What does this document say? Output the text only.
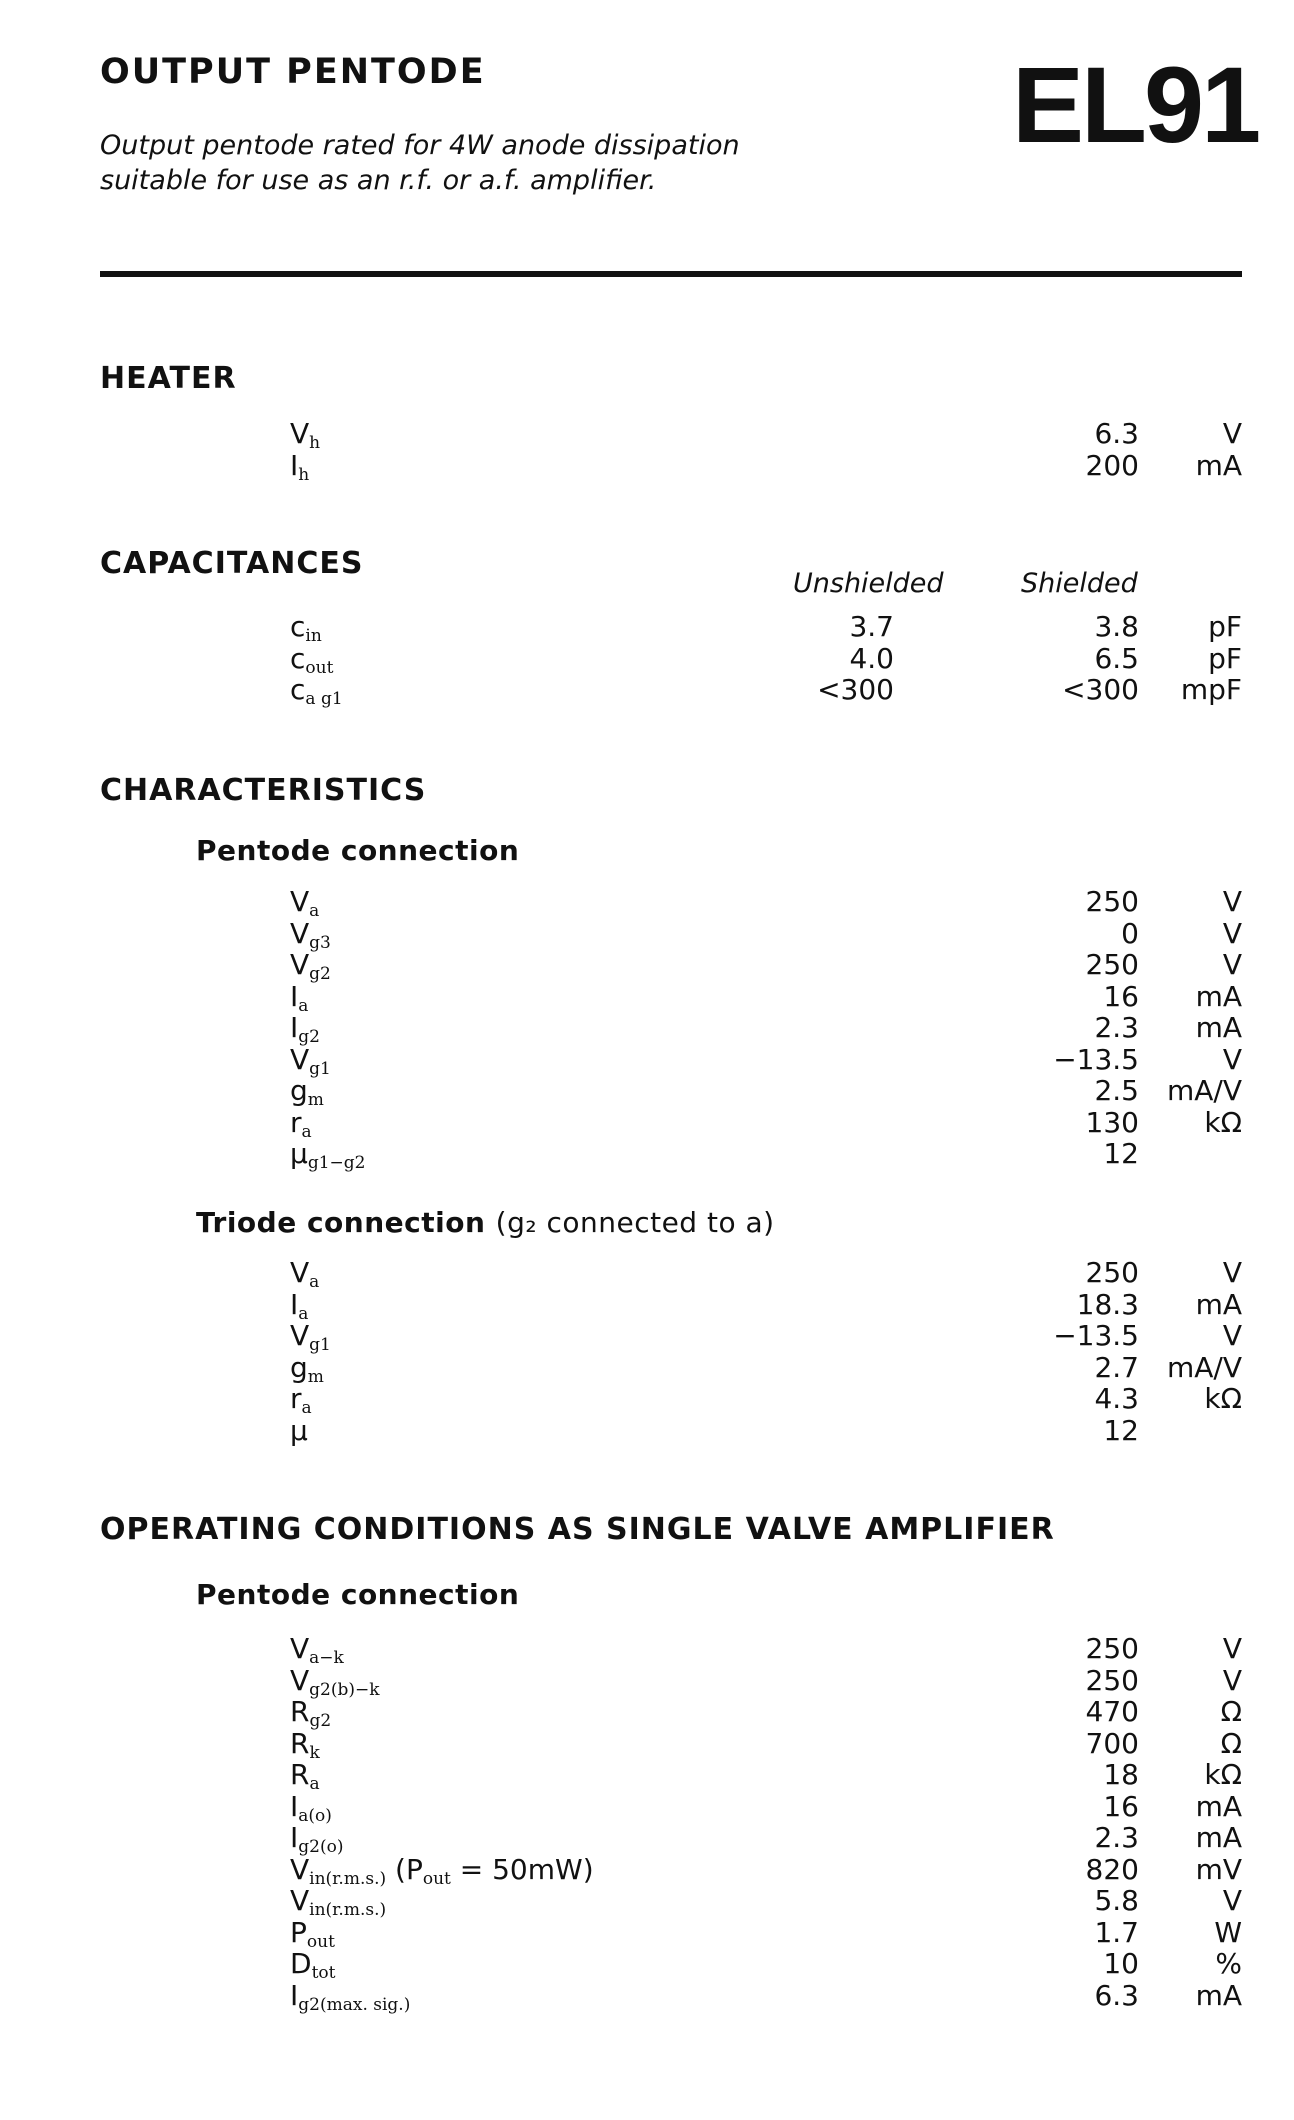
OUTPUT PENTODE
Output pentode rated for 4W anode dissipation
suitable for use as an r.f. or a.f. amplifier.
EL91
HEATER
$V_h$	6.3	V
$I_h$	200 mA
CAPACITANCES
Unshielded	Shielded
$c_{in}$	3.7	3.8 pF
$c_{out}$	4.0	6.5 pF
$c_{a g1}$	<300	<300 mpF
CHARACTERISTICS
Pentode connection
$V_a$	250	V
$V_{g3}$	0	V
$V_{g2}$	250	V
$I_a$	16 mA
$I_{g2}$	2.3 mA
$V_{g1}$	−13.5	V
$g_m$	2.5 mA/V
$r_a$	130 kΩ
$\mu_{g1-g2}$	12
Triode connection (g₂ connected to a)
$V_a$	250	V
$I_a$	18.3 mA
$V_{g1}$	−13.5	V
$g_m$	2.7 mA/V
$r_a$	4.3 kΩ
μ	12
OPERATING CONDITIONS AS SINGLE VALVE AMPLIFIER
Pentode connection
$V_{a-k}$	250	V
$V_{g2(b)-k}$	250	V
$R_{g2}$	470	Ω
$R_k$	700	Ω
$R_a$	18 kΩ
$I_{a(o)}$	16 mA
$I_{g2(o)}$	2.3 mA
$V_{in(r.m.s.)}$ $(P_{out} = 50mW)$	820 mV
$V_{in(r.m.s.)}$	5.8	V
$P_{out}$	1.7	W
$D_{tot}$	10	%
$I_{g2(max. sig.)}$	6.3 mA
